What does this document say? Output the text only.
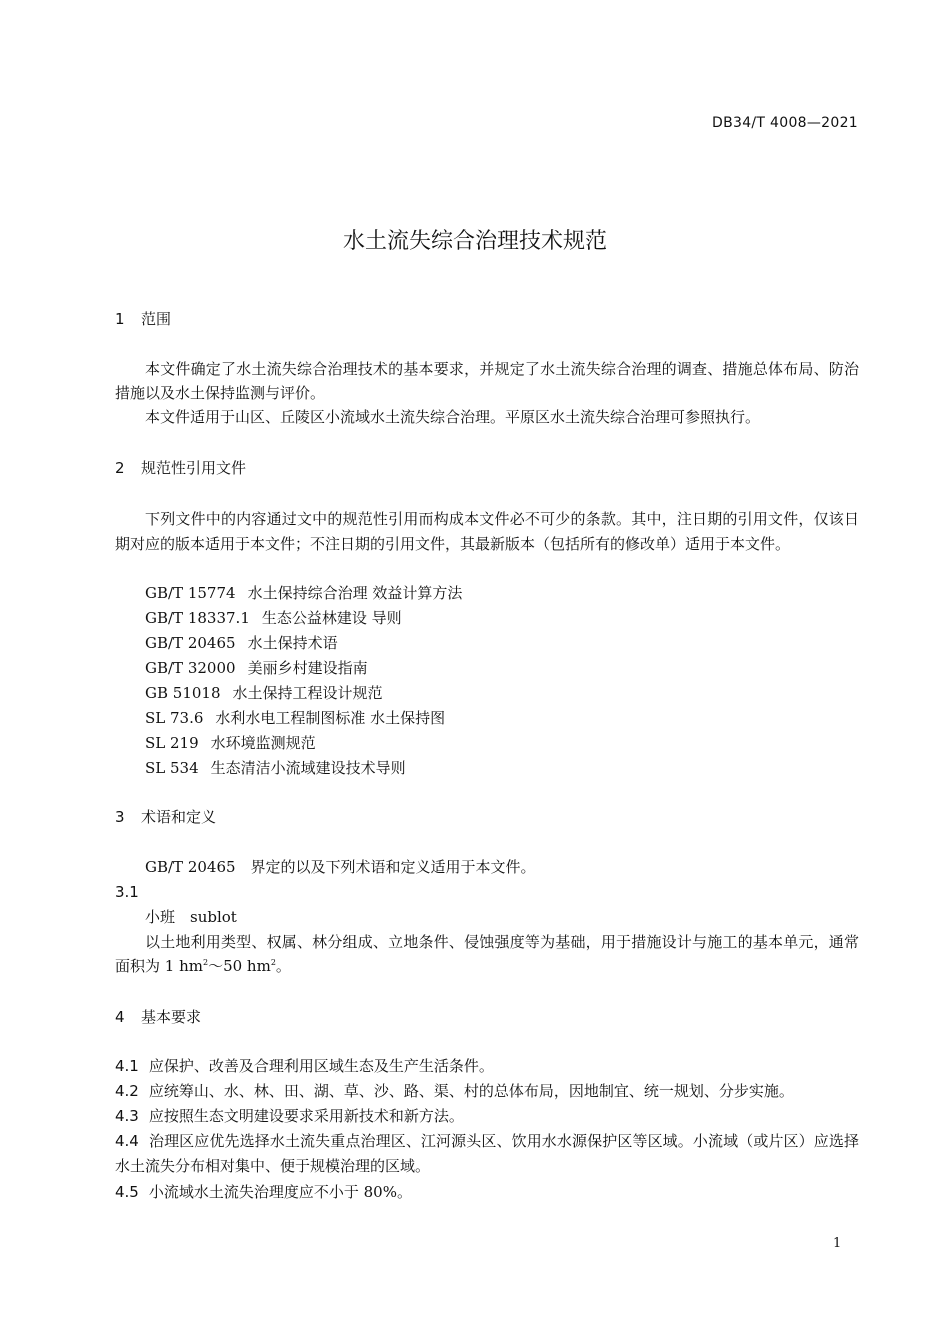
DB34/T 4008—2021
水土流失综合治理技术规范
1 范围
本文件确定了水土流失综合治理技术的基本要求，并规定了水土流失综合治理的调查、措施总体布局、防治措施以及水土保持监测与评价。
本文件适用于山区、丘陵区小流域水土流失综合治理。平原区水土流失综合治理可参照执行。
2 规范性引用文件
下列文件中的内容通过文中的规范性引用而构成本文件必不可少的条款。其中，注日期的引用文件，仅该日期对应的版本适用于本文件；不注日期的引用文件，其最新版本（包括所有的修改单）适用于本文件。
GB/T 15774 水土保持综合治理 效益计算方法
GB/T 18337.1 生态公益林建设 导则
GB/T 20465 水土保持术语
GB/T 32000 美丽乡村建设指南
GB 51018 水土保持工程设计规范
SL 73.6 水利水电工程制图标准 水土保持图
SL 219 水环境监测规范
SL 534 生态清洁小流域建设技术导则
3 术语和定义
GB/T 20465　界定的以及下列术语和定义适用于本文件。
3.1
小班　sublot
以土地利用类型、权属、林分组成、立地条件、侵蚀强度等为基础，用于措施设计与施工的基本单元，通常面积为 1 $hm^2\sim 50$ $hm^2$。
4 基本要求
4.1 应保护、改善及合理利用区域生态及生产生活条件。
4.2 应统筹山、水、林、田、湖、草、沙、路、渠、村的总体布局，因地制宜、统一规划、分步实施。
4.3 应按照生态文明建设要求采用新技术和新方法。
4.4 治理区应优先选择水土流失重点治理区、江河源头区、饮用水水源保护区等区域。小流域（或片区）应选择水土流失分布相对集中、便于规模治理的区域。
4.5 小流域水土流失治理度应不小于 80%。
1
